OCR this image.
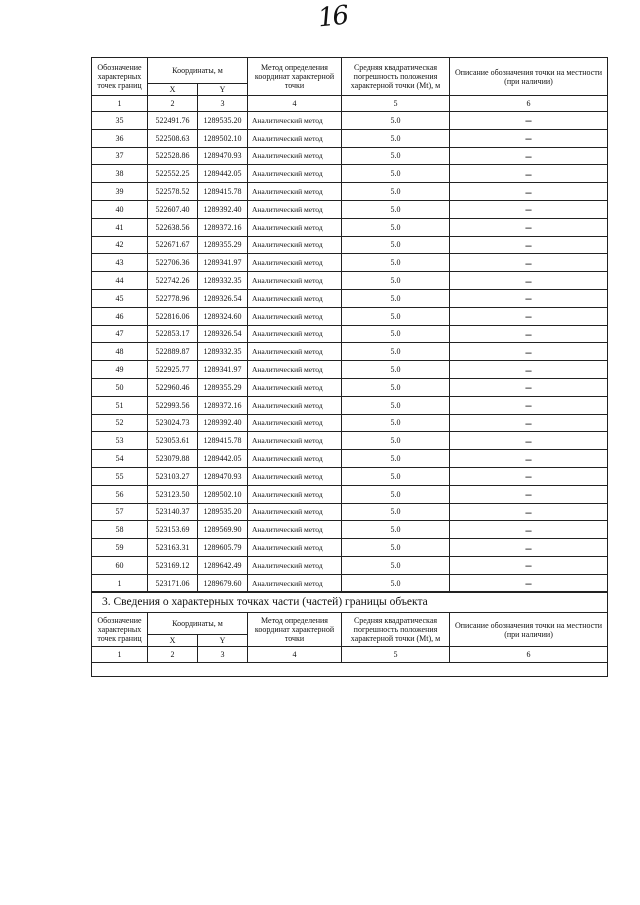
16
Обозначение характерных точек границ	Координаты, м		Метод определения координат характерной точки	Средняя квадратическая погрешность положения характерной точки (Mt), м	Описание обозначения точки на местности (при наличии)
	X	Y			
1	2	3	4	5	6
35	522491.76	1289535.20	Аналитический метод	5.0	–
36	522508.63	1289502.10	Аналитический метод	5.0	–
37	522528.86	1289470.93	Аналитический метод	5.0	–
38	522552.25	1289442.05	Аналитический метод	5.0	–
39	522578.52	1289415.78	Аналитический метод	5.0	–
40	522607.40	1289392.40	Аналитический метод	5.0	–
41	522638.56	1289372.16	Аналитический метод	5.0	–
42	522671.67	1289355.29	Аналитический метод	5.0	–
43	522706.36	1289341.97	Аналитический метод	5.0	–
44	522742.26	1289332.35	Аналитический метод	5.0	–
45	522778.96	1289326.54	Аналитический метод	5.0	–
46	522816.06	1289324.60	Аналитический метод	5.0	–
47	522853.17	1289326.54	Аналитический метод	5.0	–
48	522889.87	1289332.35	Аналитический метод	5.0	–
49	522925.77	1289341.97	Аналитический метод	5.0	–
50	522960.46	1289355.29	Аналитический метод	5.0	–
51	522993.56	1289372.16	Аналитический метод	5.0	–
52	523024.73	1289392.40	Аналитический метод	5.0	–
53	523053.61	1289415.78	Аналитический метод	5.0	–
54	523079.88	1289442.05	Аналитический метод	5.0	–
55	523103.27	1289470.93	Аналитический метод	5.0	–
56	523123.50	1289502.10	Аналитический метод	5.0	–
57	523140.37	1289535.20	Аналитический метод	5.0	–
58	523153.69	1289569.90	Аналитический метод	5.0	–
59	523163.31	1289605.79	Аналитический метод	5.0	–
60	523169.12	1289642.49	Аналитический метод	5.0	–
1	523171.06	1289679.60	Аналитический метод	5.0	–
3. Сведения о характерных точках части (частей) границы объекта					
Обозначение характерных точек границ	Координаты, м		Метод определения координат характерной точки	Средняя квадратическая погрешность положения характерной точки (Mt), м	Описание обозначения точки на местности (при наличии)
	X	Y			
1	2	3	4	5	6
